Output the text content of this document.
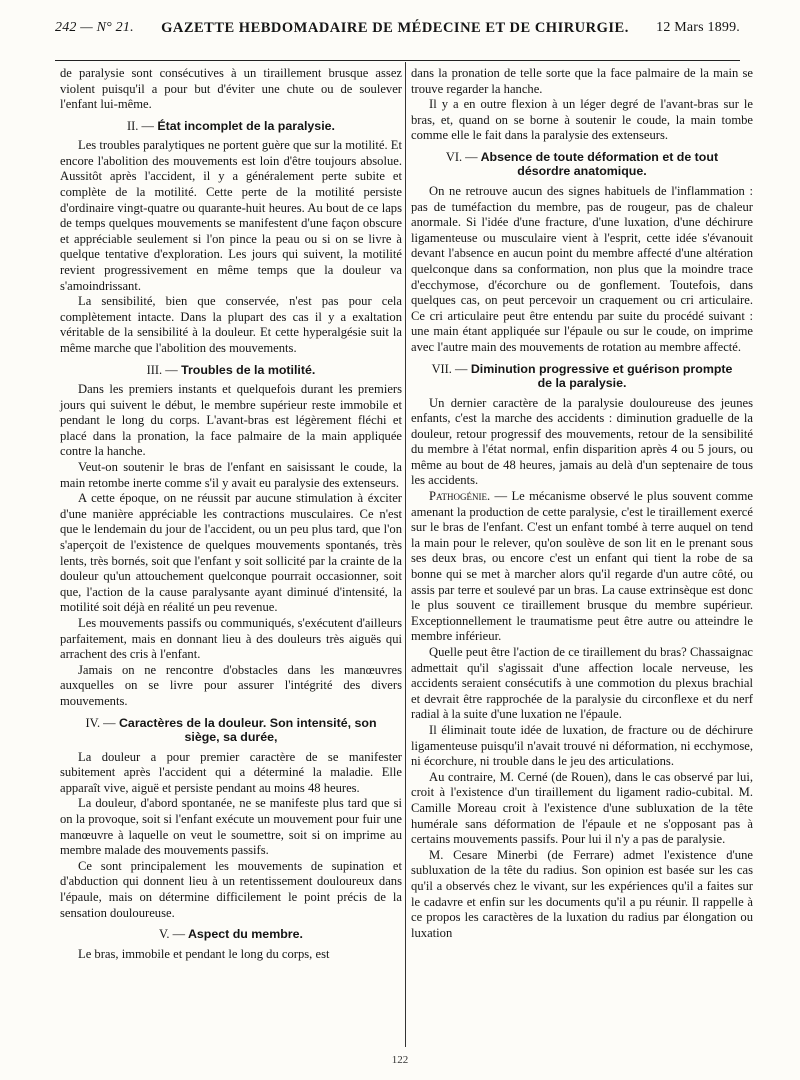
242 — N° 21. GAZETTE HEBDOMADAIRE DE MÉDECINE ET DE CHIRURGIE. 12 Mars 1899.

de paralysie sont consécutives à un tiraillement brusque assez violent puisqu'il a pour but d'éviter une chute ou de soulever l'enfant lui-même.

II. — État incomplet de la paralysie.

Les troubles paralytiques ne portent guère que sur la motilité. Et encore l'abolition des mouvements est loin d'être toujours absolue. Aussitôt après l'accident, il y a généralement perte subite et complète de la motilité. Cette perte de la motilité persiste d'ordinaire vingt-quatre ou quarante-huit heures. Au bout de ce laps de temps quelques mouvements se manifestent d'une façon obscure et appréciable seulement si l'on pince la peau ou si on se livre à quelque tentative d'exploration. Les jours qui suivent, la motilité revient progressivement en même temps que la douleur va s'amoindrissant.

La sensibilité, bien que conservée, n'est pas pour cela complètement intacte. Dans la plupart des cas il y a exaltation véritable de la sensibilité à la douleur. Et cette hyperalgésie suit la même marche que l'abolition des mouvements.

III. — Troubles de la motilité.

Dans les premiers instants et quelquefois durant les premiers jours qui suivent le début, le membre supérieur reste immobile et pendant le long du corps. L'avant-bras est légèrement fléchi et placé dans la pronation, la face palmaire de la main appliquée contre la hanche.

Veut-on soutenir le bras de l'enfant en saisissant le coude, la main retombe inerte comme s'il y avait eu paralysie des extenseurs.

A cette époque, on ne réussit par aucune stimulation à éxciter d'une manière appréciable les contractions musculaires. Ce n'est que le lendemain du jour de l'accident, ou un peu plus tard, que l'on s'aperçoit de l'existence de quelques mouvements spontanés, très lents, très bornés, soit que l'enfant y soit sollicité par la crainte de la douleur qu'un attouchement quelconque pourrait occasionner, soit que, l'action de la cause paralysante ayant diminué d'intensité, la motilité soit déjà en réalité un peu revenue.

Les mouvements passifs ou communiqués, s'exécutent d'ailleurs parfaitement, mais en donnant lieu à des douleurs très aiguës qui arrachent des cris à l'enfant.

Jamais on ne rencontre d'obstacles dans les manœuvres auxquelles on se livre pour assurer l'intégrité des divers mouvements.

IV. — Caractères de la douleur. Son intensité, son siège, sa durée,

La douleur a pour premier caractère de se manifester subitement après l'accident qui a déterminé la maladie. Elle apparaît vive, aiguë et persiste pendant au moins 48 heures.

La douleur, d'abord spontanée, ne se manifeste plus tard que si on la provoque, soit si l'enfant exécute un mouvement pour fuir une manœuvre à laquelle on veut le soumettre, soit si on imprime au membre malade des mouvements passifs.

Ce sont principalement les mouvements de supination et d'abduction qui donnent lieu à un retentissement douloureux dans l'épaule, mais on détermine difficilement le point précis de la sensation douloureuse.

V. — Aspect du membre.

Le bras, immobile et pendant le long du corps, est

dans la pronation de telle sorte que la face palmaire de la main se trouve regarder la hanche.

Il y a en outre flexion à un léger degré de l'avant-bras sur le bras, et, quand on se borne à soutenir le coude, la main tombe comme elle le fait dans la paralysie des extenseurs.

VI. — Absence de toute déformation et de tout désordre anatomique.

On ne retrouve aucun des signes habituels de l'inflammation : pas de tuméfaction du membre, pas de rougeur, pas de chaleur anormale. Si l'idée d'une fracture, d'une luxation, d'une déchirure ligamenteuse ou musculaire vient à l'esprit, cette idée s'évanouit devant l'absence en aucun point du membre affecté d'une altération quelconque dans sa conformation, non plus que la moindre trace d'ecchymose, d'écorchure ou de gonflement. Toutefois, dans quelques cas, on peut percevoir un craquement ou cri articulaire. Ce cri articulaire peut être entendu par suite du procédé suivant : une main étant appliquée sur l'épaule ou sur le coude, on imprime avec l'autre main des mouvements de rotation au membre affecté.

VII. — Diminution progressive et guérison prompte de la paralysie.

Un dernier caractère de la paralysie douloureuse des jeunes enfants, c'est la marche des accidents : diminution graduelle de la douleur, retour progressif des mouvements, retour de la sensibilité du membre à l'état normal, enfin disparition après 4 ou 5 jours, ou même au bout de 48 heures, jamais au delà d'un septenaire de tous les accidents.

Pathogénie. — Le mécanisme observé le plus souvent comme amenant la production de cette paralysie, c'est le tiraillement exercé sur le bras de l'enfant. C'est un enfant tombé à terre auquel on tend la main pour le relever, qu'on soulève de son lit en le prenant sous ses deux bras, ou encore c'est un enfant qui tient la robe de sa bonne qui se met à marcher alors qu'il regarde d'un autre côté, ou assis par terre et soulevé par un bras. La cause extrinsèque est donc le plus souvent ce tiraillement brusque du membre supérieur. Exceptionnellement le traumatisme peut être autre ou atteindre le membre inférieur.

Quelle peut être l'action de ce tiraillement du bras? Chassaignac admettait qu'il s'agissait d'une affection locale nerveuse, les accidents seraient consécutifs à une commotion du plexus brachial et devrait être rapprochée de la paralysie du circonflexe et du nerf radial à la suite d'une luxation ne l'épaule.

Il éliminait toute idée de luxation, de fracture ou de déchirure ligamenteuse puisqu'il n'avait trouvé ni déformation, ni ecchymose, ni écorchure, ni trouble dans le jeu des articulations.

Au contraire, M. Cerné (de Rouen), dans le cas observé par lui, croit à l'existence d'un tiraillement du ligament radio-cubital. M. Camille Moreau croit à l'existence d'une subluxation de la tête humérale sans déformation de l'épaule et ne s'opposant pas à certains mouvements passifs. Pour lui il n'y a pas de paralysie.

M. Cesare Minerbi (de Ferrare) admet l'existence d'une subluxation de la tête du radius. Son opinion est basée sur les cas qu'il a observés chez le vivant, sur les expériences qu'il a faites sur le cadavre et enfin sur les documents qu'il a pu réunir. Il rappelle à ce propos les caractères de la luxation du radius par élongation ou luxation

122
